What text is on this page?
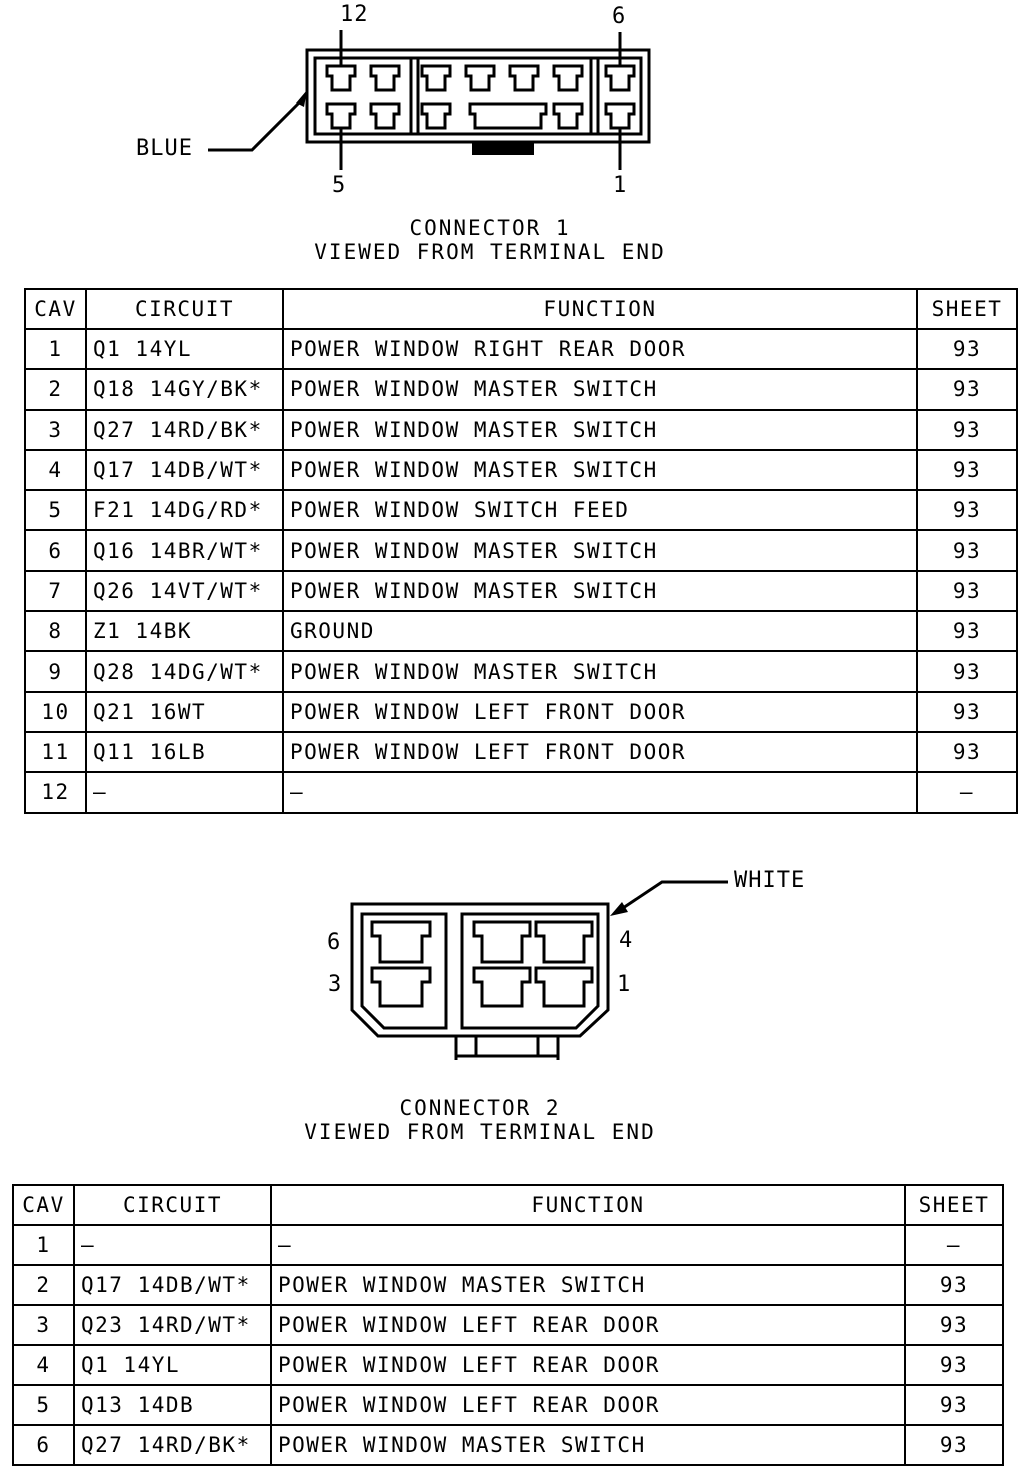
12	6
5	1
BLUE
CONNECTOR 1
VIEWED FROM TERMINAL END
CAV	CIRCUIT	FUNCTION	SHEET
1	Q1 14YL	POWER WINDOW RIGHT REAR DOOR	93
2	Q18 14GY/BK*	POWER WINDOW MASTER SWITCH	93
3	Q27 14RD/BK*	POWER WINDOW MASTER SWITCH	93
4	Q17 14DB/WT*	POWER WINDOW MASTER SWITCH	93
5	F21 14DG/RD*	POWER WINDOW SWITCH FEED	93
6	Q16 14BR/WT*	POWER WINDOW MASTER SWITCH	93
7	Q26 14VT/WT*	POWER WINDOW MASTER SWITCH	93
8	Z1 14BK	GROUND	93
9	Q28 14DG/WT*	POWER WINDOW MASTER SWITCH	93
10	Q21 16WT	POWER WINDOW LEFT FRONT DOOR	93
11	Q11 16LB	POWER WINDOW LEFT FRONT DOOR	93
12	—	—	—
6
3
4
1
WHITE
CONNECTOR 2
VIEWED FROM TERMINAL END
CAV	CIRCUIT	FUNCTION	SHEET
1	—	—	—
2	Q17 14DB/WT*	POWER WINDOW MASTER SWITCH	93
3	Q23 14RD/WT*	POWER WINDOW LEFT REAR DOOR	93
4	Q1 14YL	POWER WINDOW LEFT REAR DOOR	93
5	Q13 14DB	POWER WINDOW LEFT REAR DOOR	93
6	Q27 14RD/BK*	POWER WINDOW MASTER SWITCH	93
